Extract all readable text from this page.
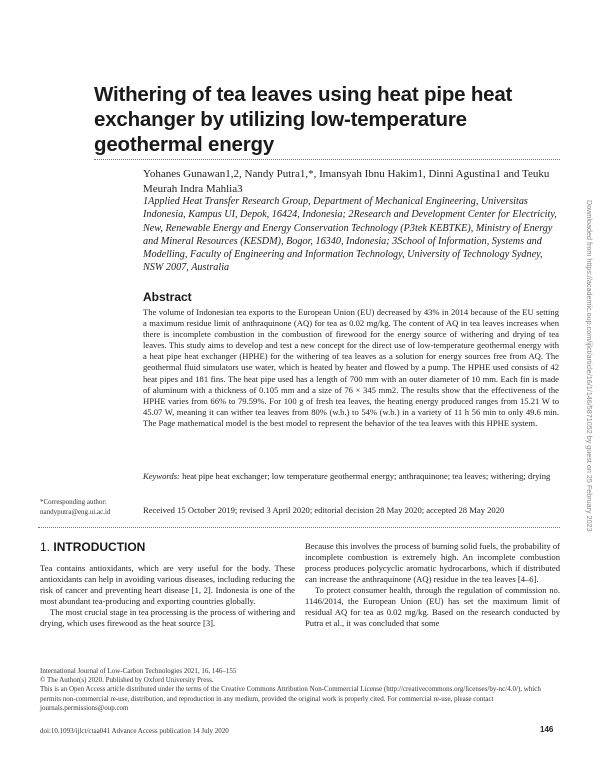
Withering of tea leaves using heat pipe heat exchanger by utilizing low-temperature geothermal energy
Yohanes Gunawan1,2, Nandy Putra1,*, Imansyah Ibnu Hakim1, Dinni Agustina1 and Teuku Meurah Indra Mahlia3
1Applied Heat Transfer Research Group, Department of Mechanical Engineering, Universitas Indonesia, Kampus UI, Depok, 16424, Indonesia; 2Research and Development Center for Electricity, New, Renewable Energy and Energy Conservation Technology (P3tek KEBTKE), Ministry of Energy and Mineral Resources (KESDM), Bogor, 16340, Indonesia; 3School of Information, Systems and Modelling, Faculty of Engineering and Information Technology, University of Technology Sydney, NSW 2007, Australia
Abstract
The volume of Indonesian tea exports to the European Union (EU) decreased by 43% in 2014 because of the EU setting a maximum residue limit of anthraquinone (AQ) for tea as 0.02 mg/kg. The content of AQ in tea leaves increases when there is incomplete combustion in the combustion of firewood for the energy source of withering and drying of tea leaves. This study aims to develop and test a new concept for the direct use of low-temperature geothermal energy with a heat pipe heat exchanger (HPHE) for the withering of tea leaves as a solution for energy sources free from AQ. The geothermal fluid simulators use water, which is heated by heater and flowed by a pump. The HPHE used consists of 42 heat pipes and 181 fins. The heat pipe used has a length of 700 mm with an outer diameter of 10 mm. Each fin is made of aluminum with a thickness of 0.105 mm and a size of 76 × 345 mm2. The results show that the effectiveness of the HPHE varies from 66% to 79.59%. For 100 g of fresh tea leaves, the heating energy produced ranges from 15.21 W to 45.07 W, meaning it can wither tea leaves from 80% (w.b.) to 54% (w.b.) in a variety of 11 h 56 min to only 49.6 min. The Page mathematical model is the best model to represent the behavior of the tea leaves with this HPHE system.
Keywords: heat pipe heat exchanger; low temperature geothermal energy; anthraquinone; tea leaves; withering; drying
*Corresponding author:
nandyputra@eng.ui.ac.id	Received 15 October 2019; revised 3 April 2020; editorial decision 28 May 2020; accepted 28 May 2020
1. INTRODUCTION

Tea contains antioxidants, which are very useful for the body. These antioxidants can help in avoiding various diseases, including reducing the risk of cancer and preventing heart disease [1, 2]. Indonesia is one of the most abundant tea-producing and exporting countries globally.

The most crucial stage in tea processing is the process of withering and drying, which uses firewood as the heat source [3].

Because this involves the process of burning solid fuels, the probability of incomplete combustion is extremely high. An incomplete combustion process produces polycyclic aromatic hydrocarbons, which if distributed can increase the anthraquinone (AQ) residue in the tea leaves [4–6].

To protect consumer health, through the regulation of commission no. 1146/2014, the European Union (EU) has set the maximum limit of residual AQ for tea as 0.02 mg/kg. Based on the research conducted by Putra et al., it was concluded that some

International Journal of Low-Carbon Technologies 2021, 16, 146–155

© The Author(s) 2020. Published by Oxford University Press.

This is an Open Access article distributed under the terms of the Creative Commons Attribution Non-Commercial License (http://creativecommons.org/licenses/by-nc/4.0/), which permits non-commercial re-use, distribution, and reproduction in any medium, provided the original work is properly cited. For commercial re-use, please contact journals.permissions@oup.com

doi:10.1093/ijlct/ctaa041 Advance Access publication 14 July 2020	146
Downloaded from https://academic.oup.com/ijlct/article/16/1/146/5871052 by guest on 25 February 2023
